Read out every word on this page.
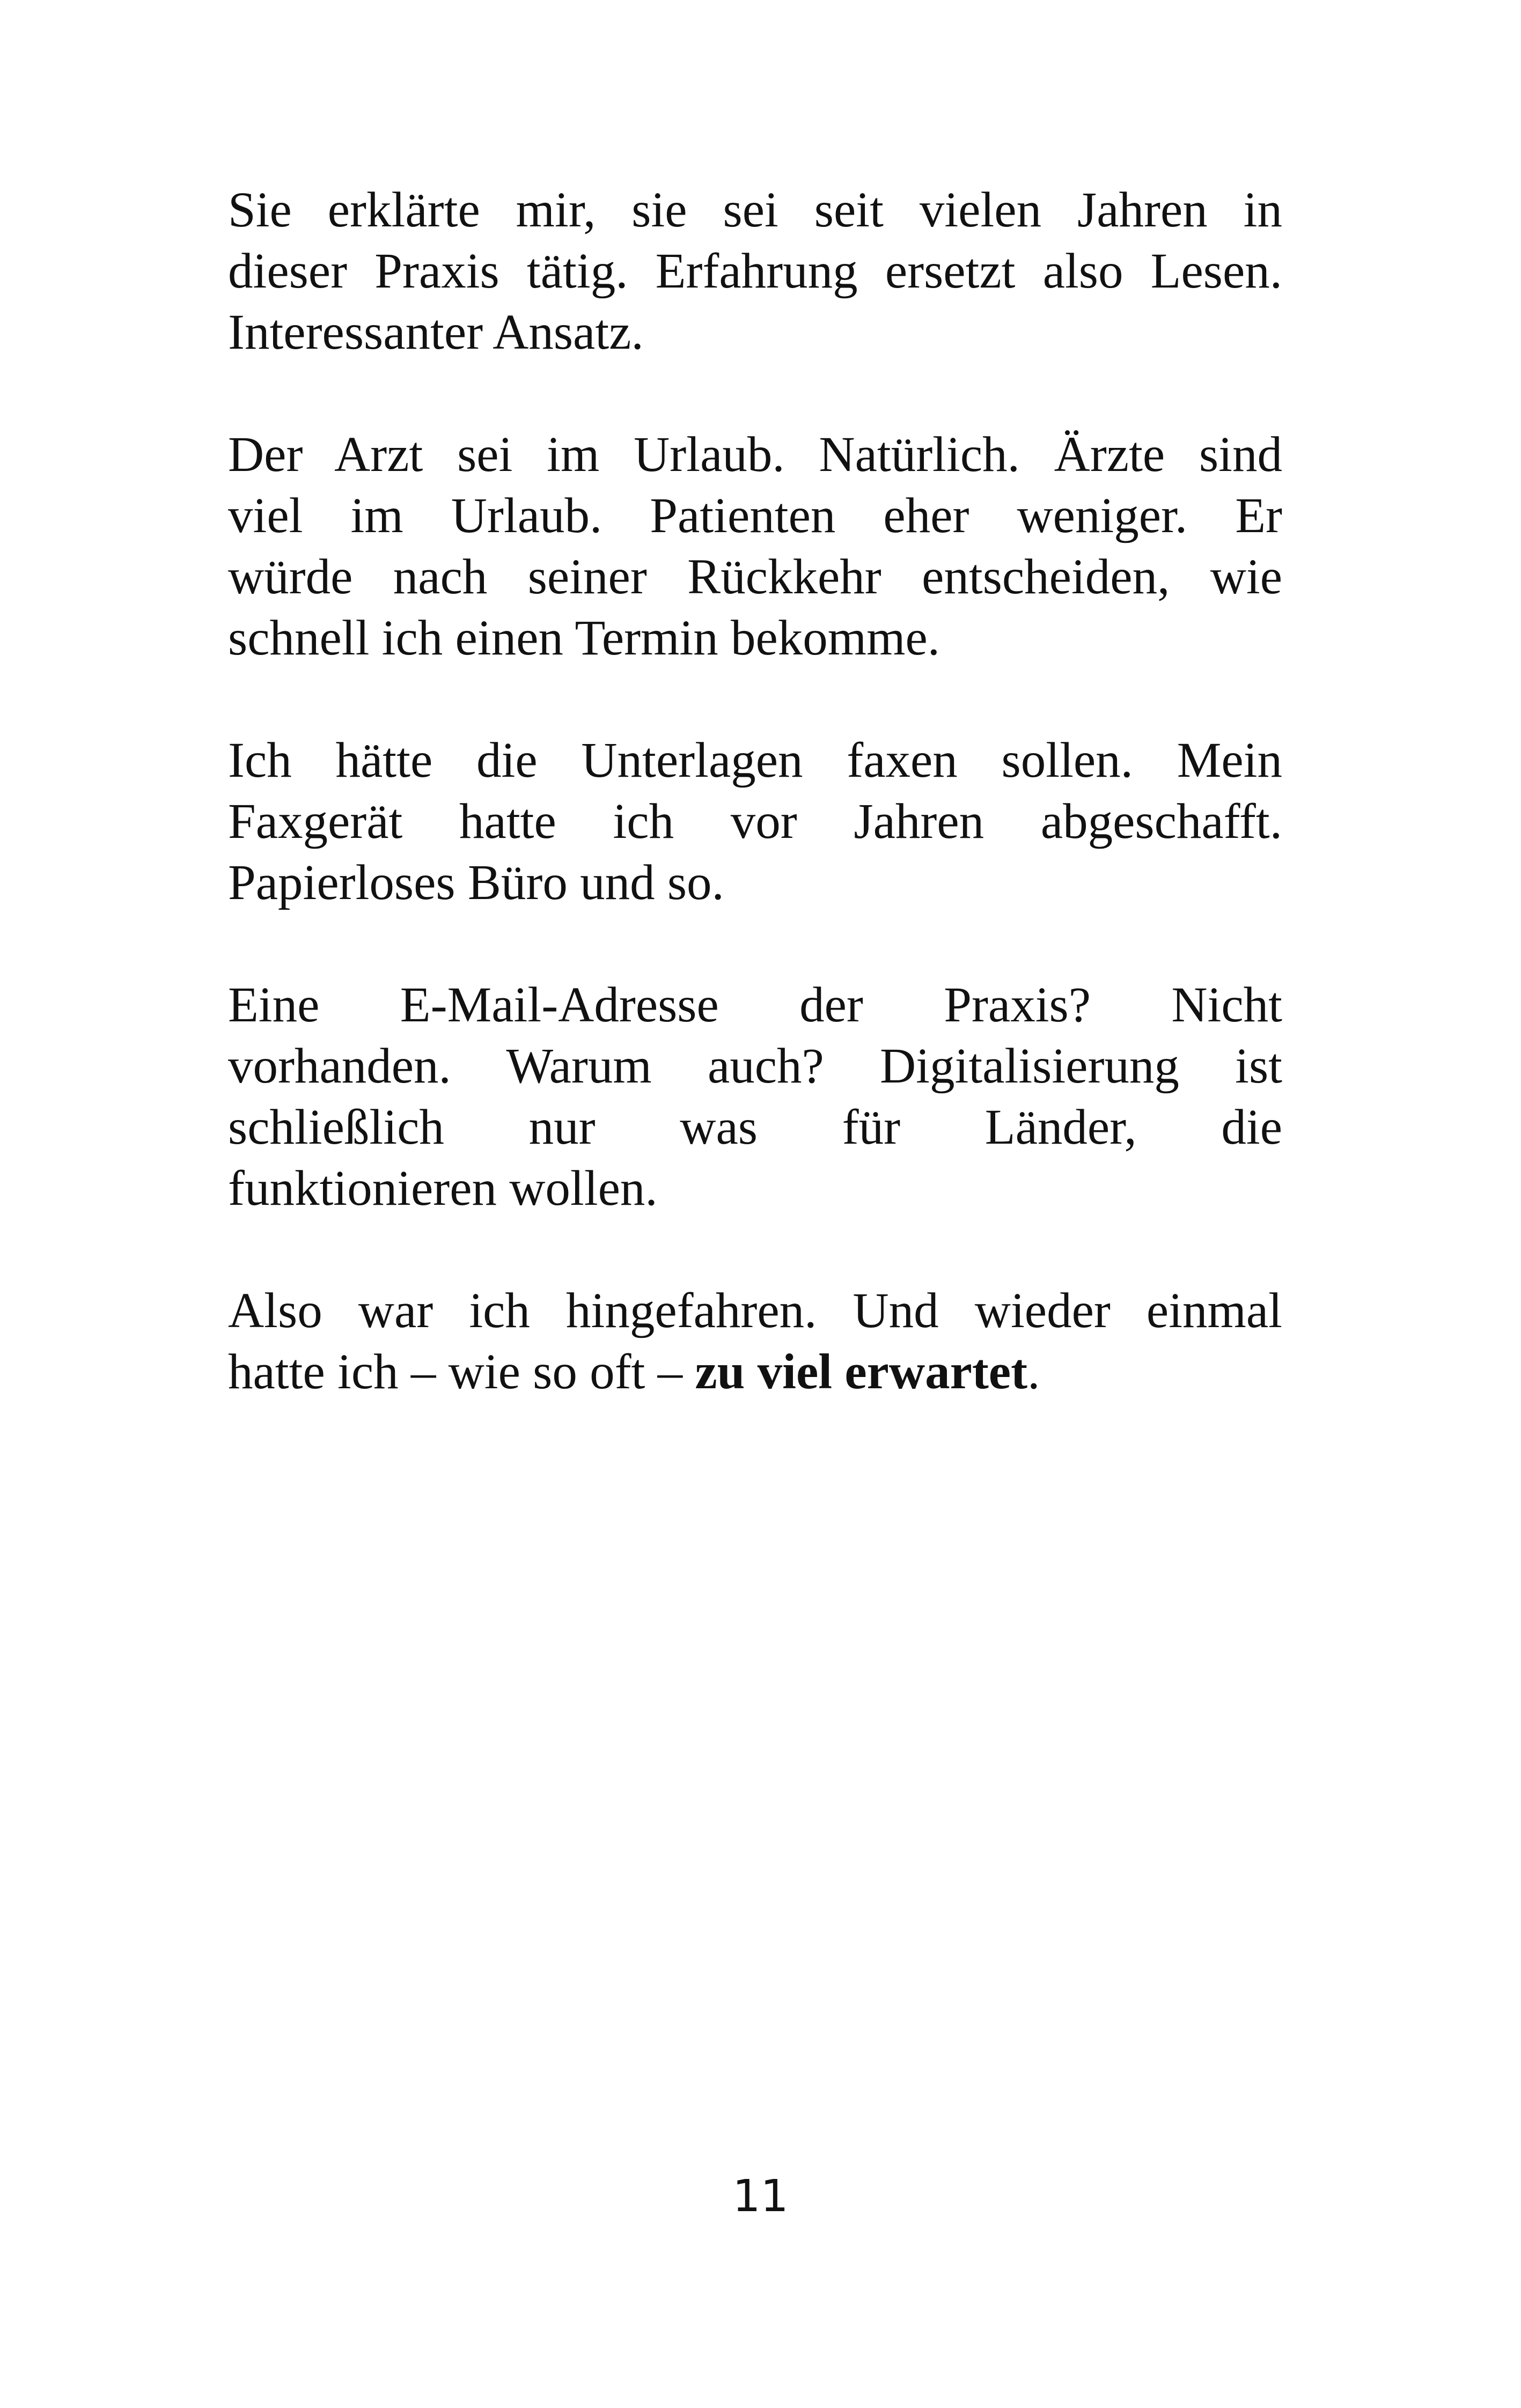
Sie erklärte mir, sie sei seit vielen Jahren in
dieser Praxis tätig. Erfahrung ersetzt also Lesen.
Interessanter Ansatz.

Der Arzt sei im Urlaub. Natürlich. Ärzte sind
viel im Urlaub. Patienten eher weniger. Er
würde nach seiner Rückkehr entscheiden, wie
schnell ich einen Termin bekomme.

Ich hätte die Unterlagen faxen sollen. Mein
Faxgerät hatte ich vor Jahren abgeschafft.
Papierloses Büro und so.

Eine E-Mail-Adresse der Praxis? Nicht
vorhanden. Warum auch? Digitalisierung ist
schließlich nur was für Länder, die
funktionieren wollen.

Also war ich hingefahren. Und wieder einmal
hatte ich – wie so oft – zu viel erwartet.

11
